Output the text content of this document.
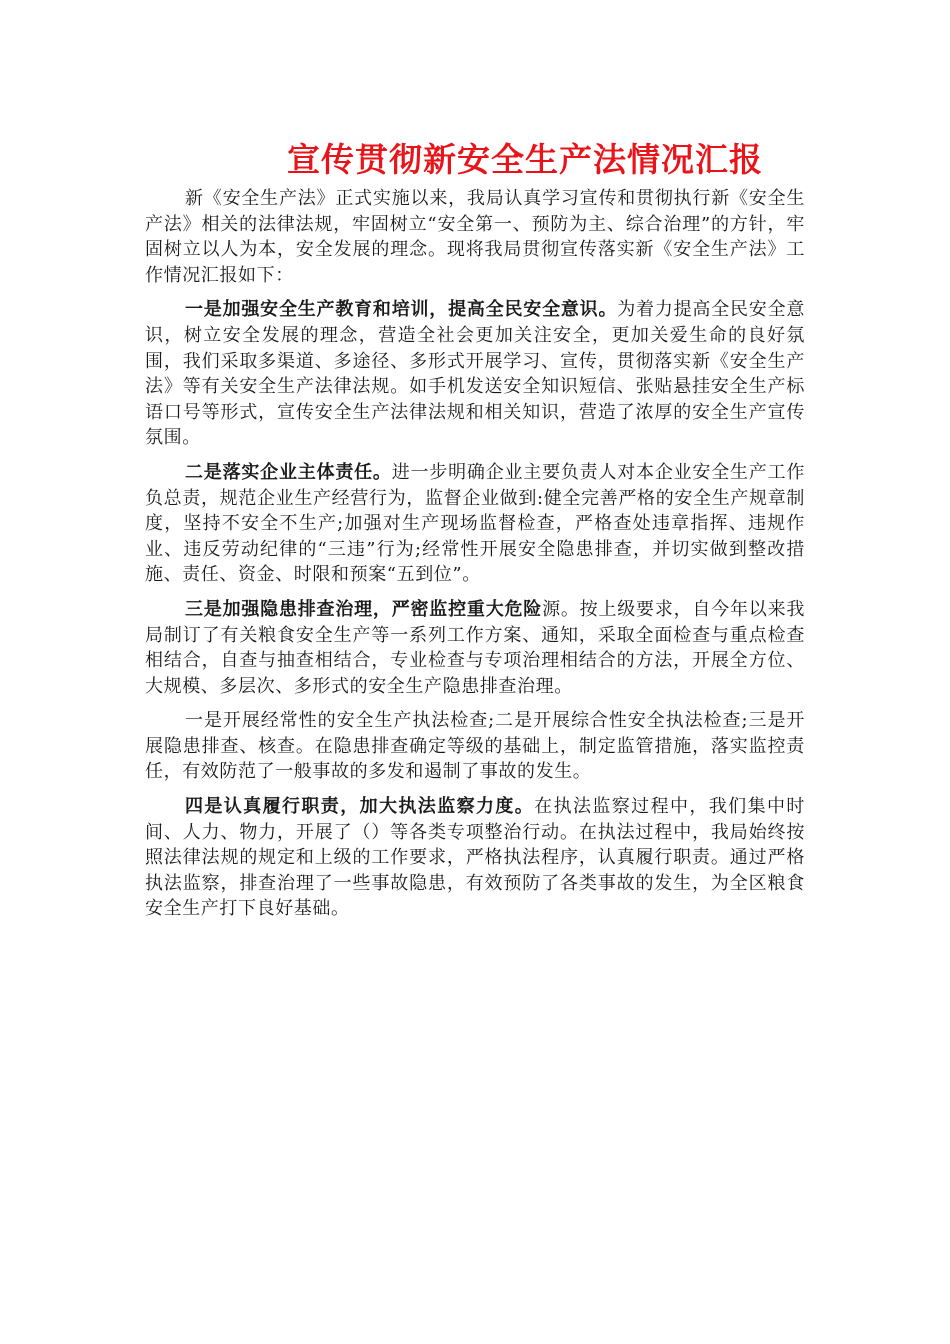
宣传贯彻新安全生产法情况汇报

新《安全生产法》正式实施以来，我局认真学习宣传和贯彻执行新《安全生产法》相关的法律法规，牢固树立“安全第一、预防为主、综合治理”的方针，牢固树立以人为本，安全发展的理念。现将我局贯彻宣传落实新《安全生产法》工作情况汇报如下：

一是加强安全生产教育和培训，提高全民安全意识。为着力提高全民安全意识，树立安全发展的理念，营造全社会更加关注安全，更加关爱生命的良好氛围，我们采取多渠道、多途径、多形式开展学习、宣传，贯彻落实新《安全生产法》等有关安全生产法律法规。如手机发送安全知识短信、张贴悬挂安全生产标语口号等形式，宣传安全生产法律法规和相关知识，营造了浓厚的安全生产宣传氛围。

二是落实企业主体责任。进一步明确企业主要负责人对本企业安全生产工作负总责，规范企业生产经营行为，监督企业做到:健全完善严格的安全生产规章制度，坚持不安全不生产;加强对生产现场监督检查，严格查处违章指挥、违规作业、违反劳动纪律的“三违”行为;经常性开展安全隐患排查，并切实做到整改措施、责任、资金、时限和预案“五到位”。

三是加强隐患排查治理，严密监控重大危险源。按上级要求，自今年以来我局制订了有关粮食安全生产等一系列工作方案、通知，采取全面检查与重点检查相结合，自查与抽查相结合，专业检查与专项治理相结合的方法，开展全方位、大规模、多层次、多形式的安全生产隐患排查治理。

一是开展经常性的安全生产执法检查;二是开展综合性安全执法检查;三是开展隐患排查、核查。在隐患排查确定等级的基础上，制定监管措施，落实监控责任，有效防范了一般事故的多发和遏制了事故的发生。

四是认真履行职责，加大执法监察力度。在执法监察过程中，我们集中时间、人力、物力，开展了（）等各类专项整治行动。在执法过程中，我局始终按照法律法规的规定和上级的工作要求，严格执法程序，认真履行职责。通过严格执法监察，排查治理了一些事故隐患，有效预防了各类事故的发生，为全区粮食安全生产打下良好基础。
